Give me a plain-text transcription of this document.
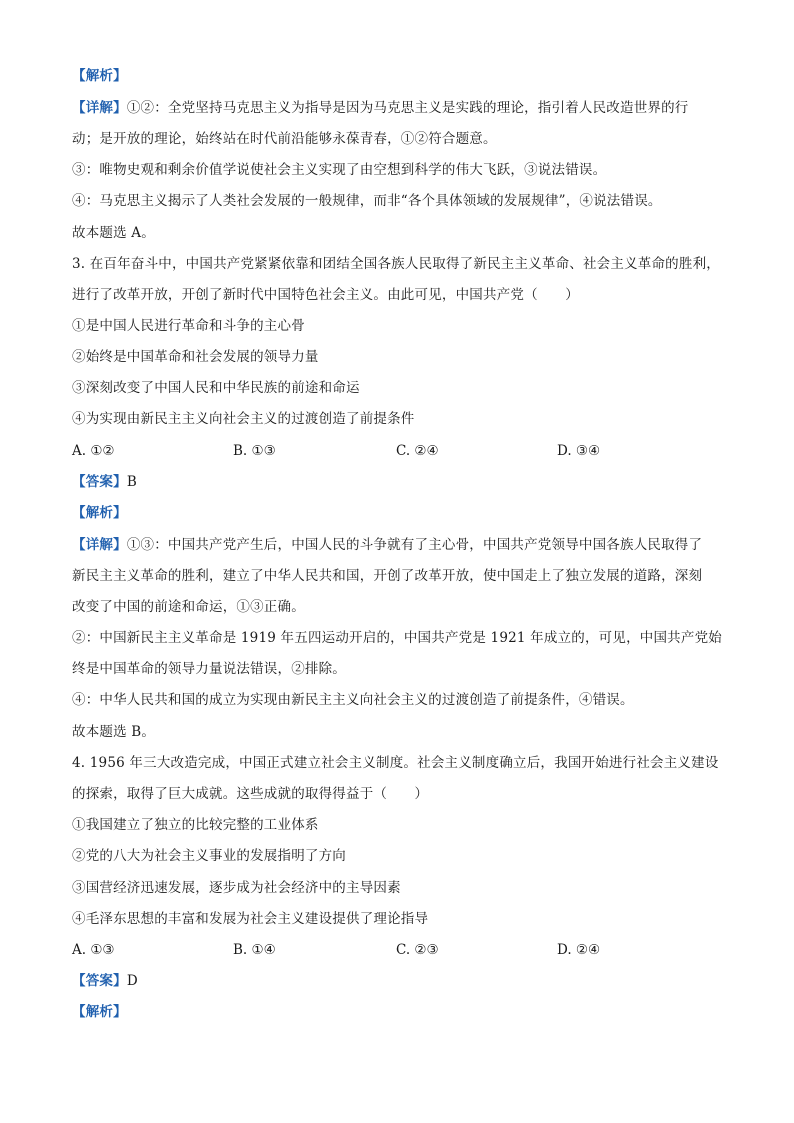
【解析】
【详解】①②：全党坚持马克思主义为指导是因为马克思主义是实践的理论，指引着人民改造世界的行
动；是开放的理论，始终站在时代前沿能够永葆青春，①②符合题意。
③：唯物史观和剩余价值学说使社会主义实现了由空想到科学的伟大飞跃，③说法错误。
④：马克思主义揭示了人类社会发展的一般规律，而非“各个具体领域的发展规律”，④说法错误。
故本题选 A。
3. 在百年奋斗中，中国共产党紧紧依靠和团结全国各族人民取得了新民主主义革命、社会主义革命的胜利，
进行了改革开放，开创了新时代中国特色社会主义。由此可见，中国共产党（　　）
①是中国人民进行革命和斗争的主心骨
②始终是中国革命和社会发展的领导力量
③深刻改变了中国人民和中华民族的前途和命运
④为实现由新民主主义向社会主义的过渡创造了前提条件
A. ①②	B. ①③	C. ②④	D. ③④
【答案】B
【解析】
【详解】①③：中国共产党产生后，中国人民的斗争就有了主心骨，中国共产党领导中国各族人民取得了
新民主主义革命的胜利，建立了中华人民共和国，开创了改革开放，使中国走上了独立发展的道路，深刻
改变了中国的前途和命运，①③正确。
②：中国新民主主义革命是 1919 年五四运动开启的，中国共产党是 1921 年成立的，可见，中国共产党始
终是中国革命的领导力量说法错误，②排除。
④：中华人民共和国的成立为实现由新民主主义向社会主义的过渡创造了前提条件，④错误。
故本题选 B。
4. 1956 年三大改造完成，中国正式建立社会主义制度。社会主义制度确立后，我国开始进行社会主义建设
的探索，取得了巨大成就。这些成就的取得得益于（　　）
①我国建立了独立的比较完整的工业体系
②党的八大为社会主义事业的发展指明了方向
③国营经济迅速发展，逐步成为社会经济中的主导因素
④毛泽东思想的丰富和发展为社会主义建设提供了理论指导
A. ①③	B. ①④	C. ②③	D. ②④
【答案】D
【解析】
